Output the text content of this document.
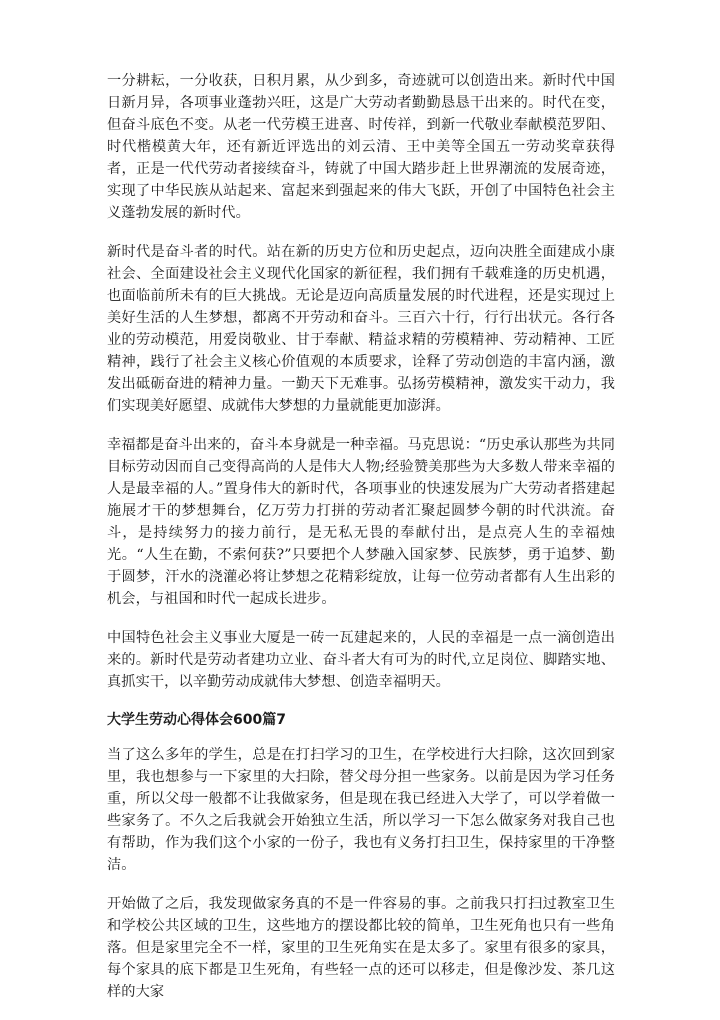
一分耕耘，一分收获，日积月累，从少到多，奇迹就可以创造出来。新时代中国日新月异，各项事业蓬勃兴旺，这是广大劳动者勤勤恳恳干出来的。时代在变，但奋斗底色不变。从老一代劳模王进喜、时传祥，到新一代敬业奉献模范罗阳、时代楷模黄大年，还有新近评选出的刘云清、王中美等全国五一劳动奖章获得者，正是一代代劳动者接续奋斗，铸就了中国大踏步赶上世界潮流的发展奇迹，实现了中华民族从站起来、富起来到强起来的伟大飞跃，开创了中国特色社会主义蓬勃发展的新时代。

新时代是奋斗者的时代。站在新的历史方位和历史起点，迈向决胜全面建成小康社会、全面建设社会主义现代化国家的新征程，我们拥有千载难逢的历史机遇，也面临前所未有的巨大挑战。无论是迈向高质量发展的时代进程，还是实现过上美好生活的人生梦想，都离不开劳动和奋斗。三百六十行，行行出状元。各行各业的劳动模范，用爱岗敬业、甘于奉献、精益求精的劳模精神、劳动精神、工匠精神，践行了社会主义核心价值观的本质要求，诠释了劳动创造的丰富内涵，激发出砥砺奋进的精神力量。一勤天下无难事。弘扬劳模精神，激发实干动力，我们实现美好愿望、成就伟大梦想的力量就能更加澎湃。

幸福都是奋斗出来的，奋斗本身就是一种幸福。马克思说：“历史承认那些为共同目标劳动因而自己变得高尚的人是伟大人物;经验赞美那些为大多数人带来幸福的人是最幸福的人。”置身伟大的新时代，各项事业的快速发展为广大劳动者搭建起施展才干的梦想舞台，亿万劳力打拼的劳动者汇聚起圆梦今朝的时代洪流。奋斗，是持续努力的接力前行，是无私无畏的奉献付出，是点亮人生的幸福烛光。“人生在勤，不索何获?”只要把个人梦融入国家梦、民族梦，勇于追梦、勤于圆梦，汗水的浇灌必将让梦想之花精彩绽放，让每一位劳动者都有人生出彩的机会，与祖国和时代一起成长进步。

中国特色社会主义事业大厦是一砖一瓦建起来的，人民的幸福是一点一滴创造出来的。新时代是劳动者建功立业、奋斗者大有可为的时代,立足岗位、脚踏实地、真抓实干，以辛勤劳动成就伟大梦想、创造幸福明天。

大学生劳动心得体会600篇7

当了这么多年的学生，总是在打扫学习的卫生，在学校进行大扫除，这次回到家里，我也想参与一下家里的大扫除，替父母分担一些家务。以前是因为学习任务重，所以父母一般都不让我做家务，但是现在我已经进入大学了，可以学着做一些家务了。不久之后我就会开始独立生活，所以学习一下怎么做家务对我自己也有帮助，作为我们这个小家的一份子，我也有义务打扫卫生，保持家里的干净整洁。

开始做了之后，我发现做家务真的不是一件容易的事。之前我只打扫过教室卫生和学校公共区域的卫生，这些地方的摆设都比较的简单，卫生死角也只有一些角落。但是家里完全不一样，家里的卫生死角实在是太多了。家里有很多的家具，每个家具的底下都是卫生死角，有些轻一点的还可以移走，但是像沙发、茶几这样的大家
